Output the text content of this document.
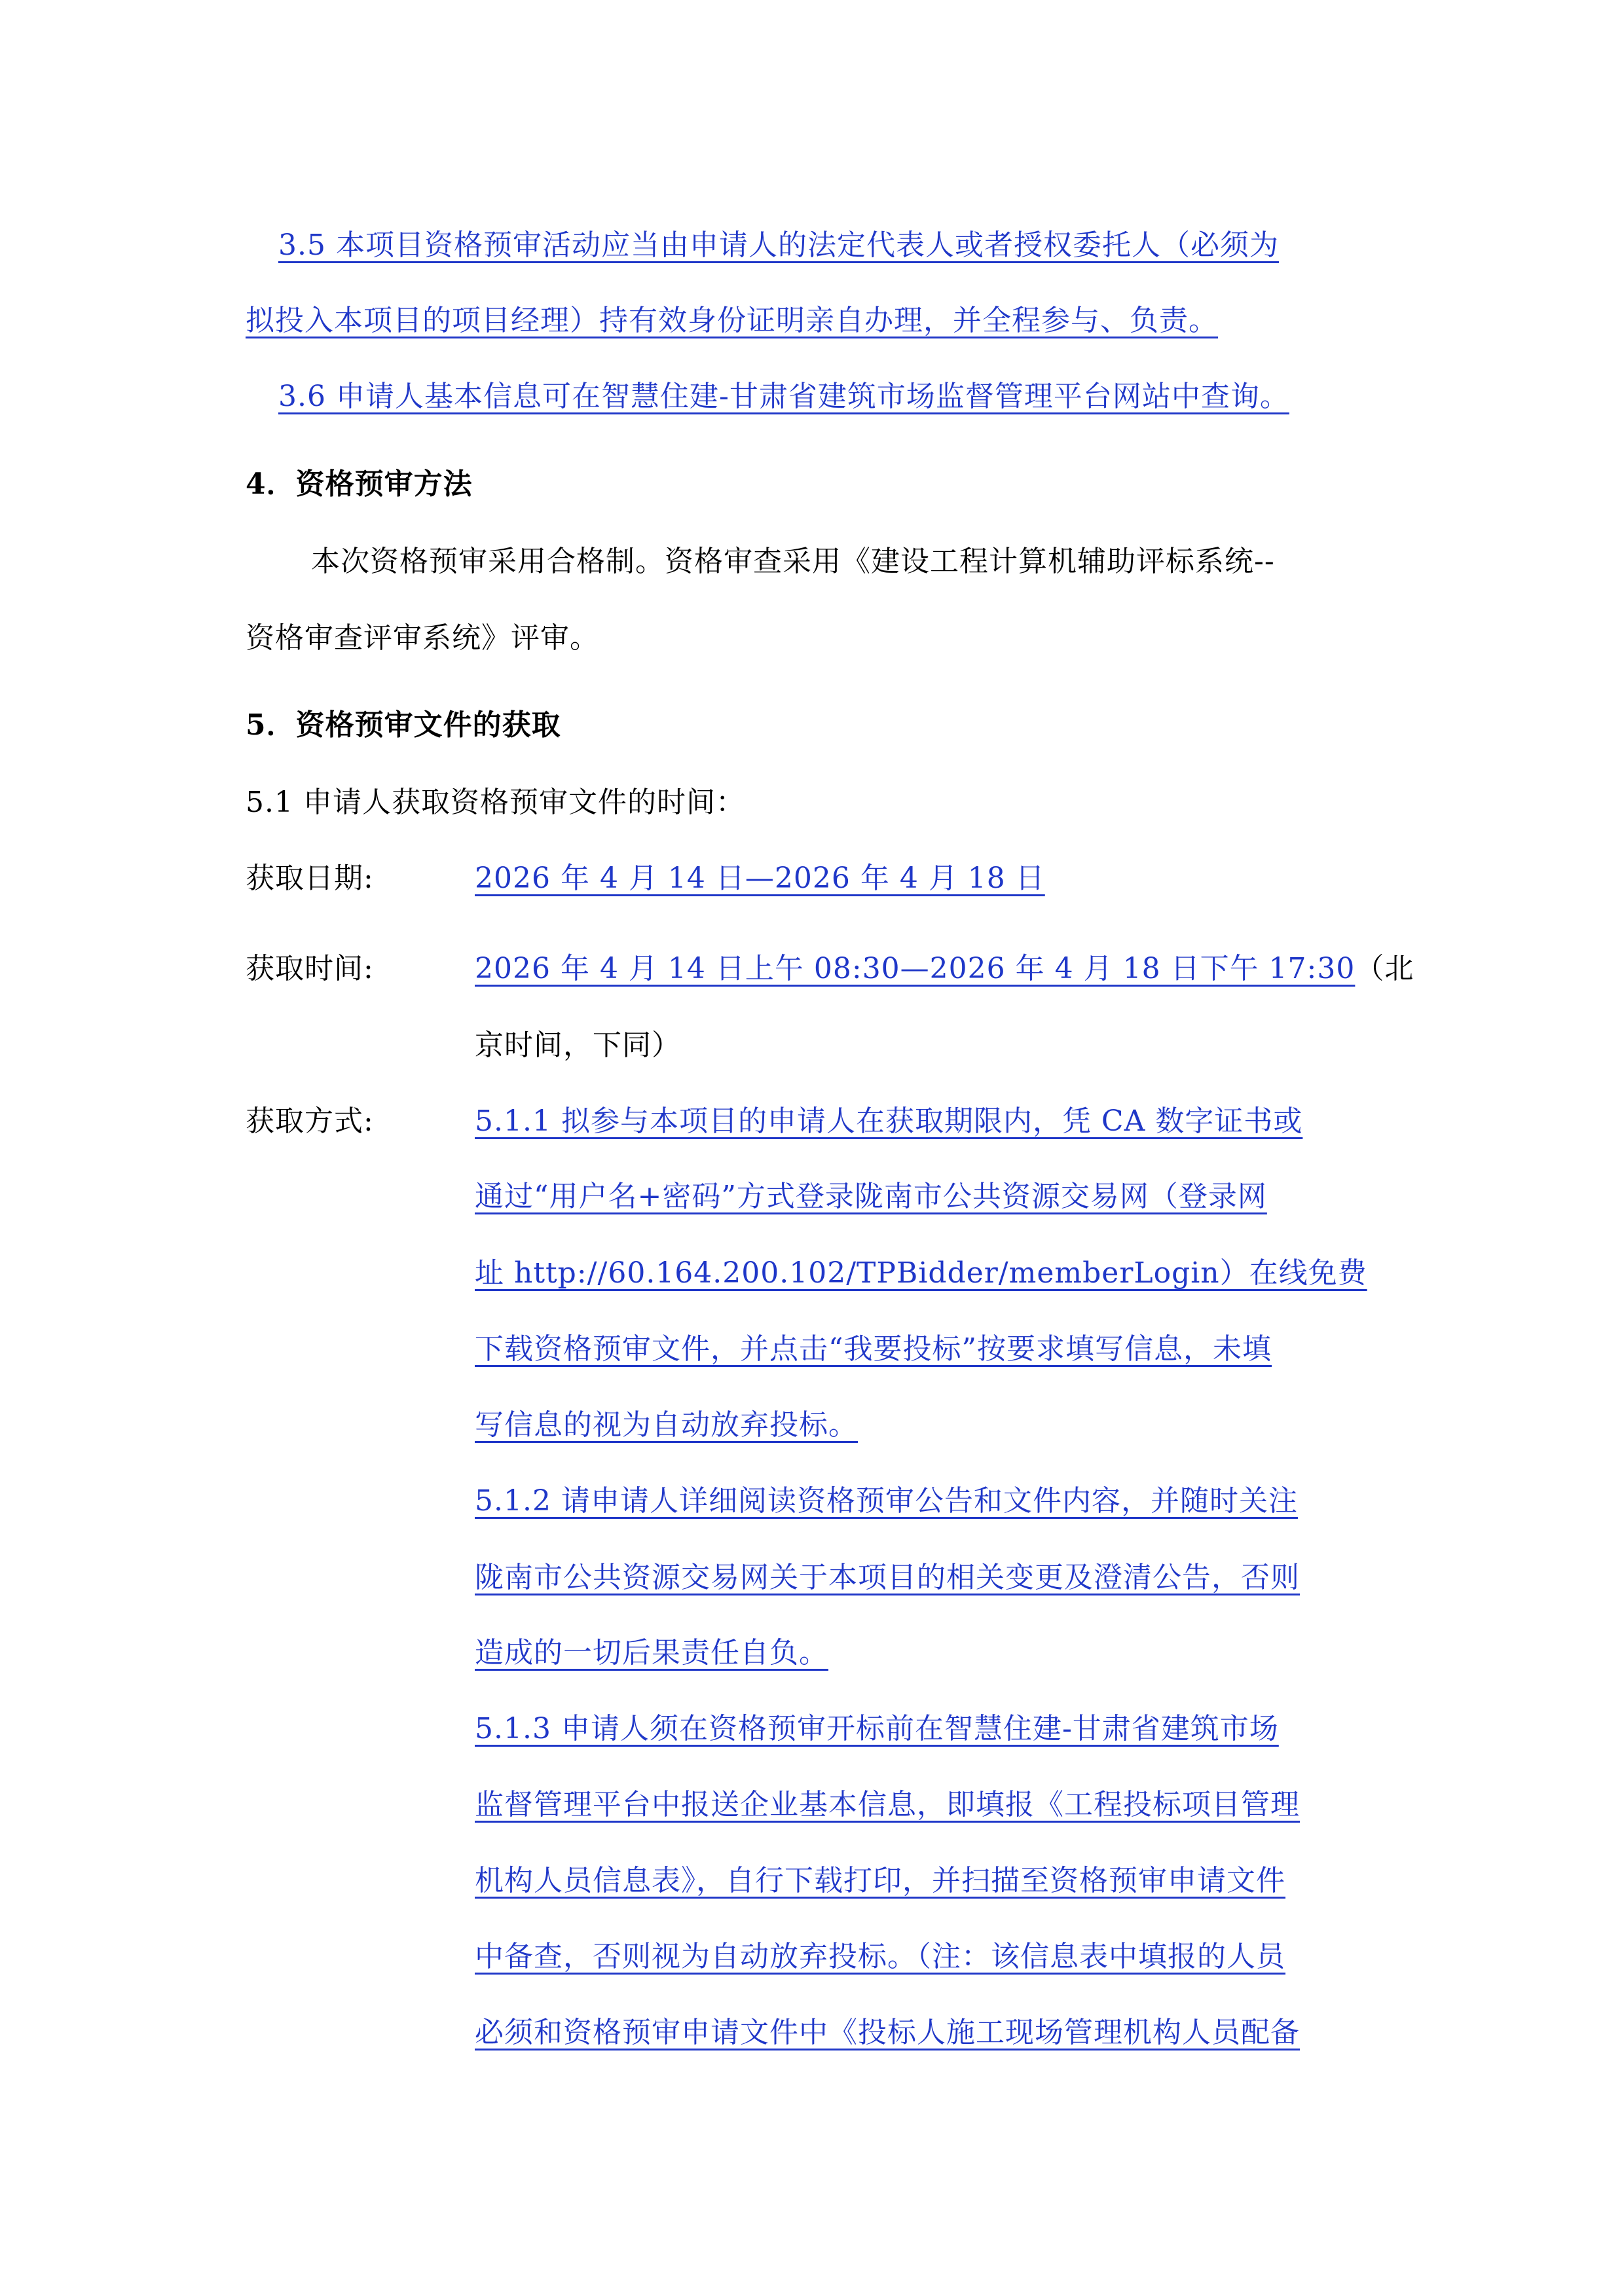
3.5 本项目资格预审活动应当由申请人的法定代表人或者授权委托人（必须为
拟投入本项目的项目经理）持有效身份证明亲自办理，并全程参与、负责。
3.6 申请人基本信息可在智慧住建-甘肃省建筑市场监督管理平台网站中查询。
4．资格预审方法
本次资格预审采用合格制。资格审查采用《建设工程计算机辅助评标系统--
资格审查评审系统》评审。
5．资格预审文件的获取
5.1 申请人获取资格预审文件的时间：
获取日期:	2026 年 4 月 14 日—2026 年 4 月 18 日
获取时间:	2026 年 4 月 14 日上午 08:30—2026 年 4 月 18 日下午 17:30（北
京时间，下同）
获取方式:	5.1.1 拟参与本项目的申请人在获取期限内，凭 CA 数字证书或
通过“用户名+密码”方式登录陇南市公共资源交易网（登录网
址 http://60.164.200.102/TPBidder/memberLogin）在线免费
下载资格预审文件，并点击“我要投标”按要求填写信息，未填
写信息的视为自动放弃投标。
5.1.2 请申请人详细阅读资格预审公告和文件内容，并随时关注
陇南市公共资源交易网关于本项目的相关变更及澄清公告，否则
造成的一切后果责任自负。
5.1.3 申请人须在资格预审开标前在智慧住建-甘肃省建筑市场
监督管理平台中报送企业基本信息，即填报《工程投标项目管理
机构人员信息表》，自行下载打印，并扫描至资格预审申请文件
中备查，否则视为自动放弃投标。（注：该信息表中填报的人员
必须和资格预审申请文件中《投标人施工现场管理机构人员配备
